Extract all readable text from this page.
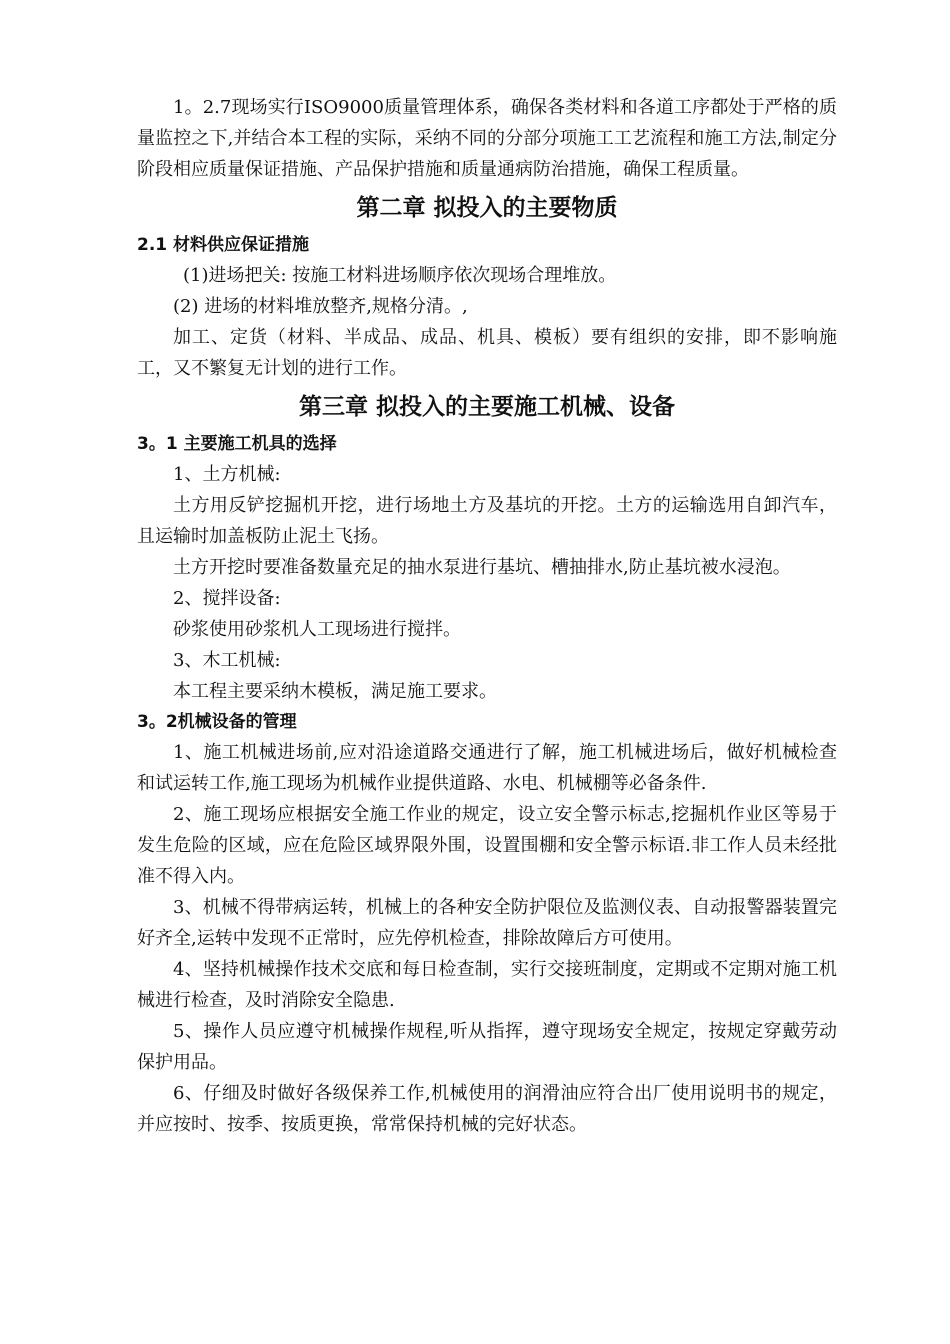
1。2.7现场实行ISO9000质量管理体系，确保各类材料和各道工序都处于严格的质量监控之下,并结合本工程的实际，采纳不同的分部分项施工工艺流程和施工方法,制定分阶段相应质量保证措施、产品保护措施和质量通病防治措施，确保工程质量。

第二章 拟投入的主要物质
2.1 材料供应保证措施

(1)进场把关: 按施工材料进场顺序依次现场合理堆放。

(2) 进场的材料堆放整齐,规格分清。,

加工、定货（材料、半成品、成品、机具、模板）要有组织的安排，即不影响施工，又不繁复无计划的进行工作。

第三章 拟投入的主要施工机械、设备
3。1 主要施工机具的选择

1、土方机械:

土方用反铲挖掘机开挖，进行场地土方及基坑的开挖。土方的运输选用自卸汽车，且运输时加盖板防止泥土飞扬。

土方开挖时要准备数量充足的抽水泵进行基坑、槽抽排水,防止基坑被水浸泡。

2、搅拌设备:

砂浆使用砂浆机人工现场进行搅拌。

3、木工机械:

本工程主要采纳木模板，满足施工要求。

3。2机械设备的管理

1、施工机械进场前,应对沿途道路交通进行了解，施工机械进场后，做好机械检查和试运转工作,施工现场为机械作业提供道路、水电、机械棚等必备条件.

2、施工现场应根据安全施工作业的规定，设立安全警示标志,挖掘机作业区等易于发生危险的区域，应在危险区域界限外围，设置围棚和安全警示标语.非工作人员未经批准不得入内。

3、机械不得带病运转，机械上的各种安全防护限位及监测仪表、自动报警器装置完好齐全,运转中发现不正常时，应先停机检查，排除故障后方可使用。

4、坚持机械操作技术交底和每日检查制，实行交接班制度，定期或不定期对施工机械进行检查，及时消除安全隐患.

5、操作人员应遵守机械操作规程,听从指挥，遵守现场安全规定，按规定穿戴劳动保护用品。

6、仔细及时做好各级保养工作,机械使用的润滑油应符合出厂使用说明书的规定，并应按时、按季、按质更换，常常保持机械的完好状态。
